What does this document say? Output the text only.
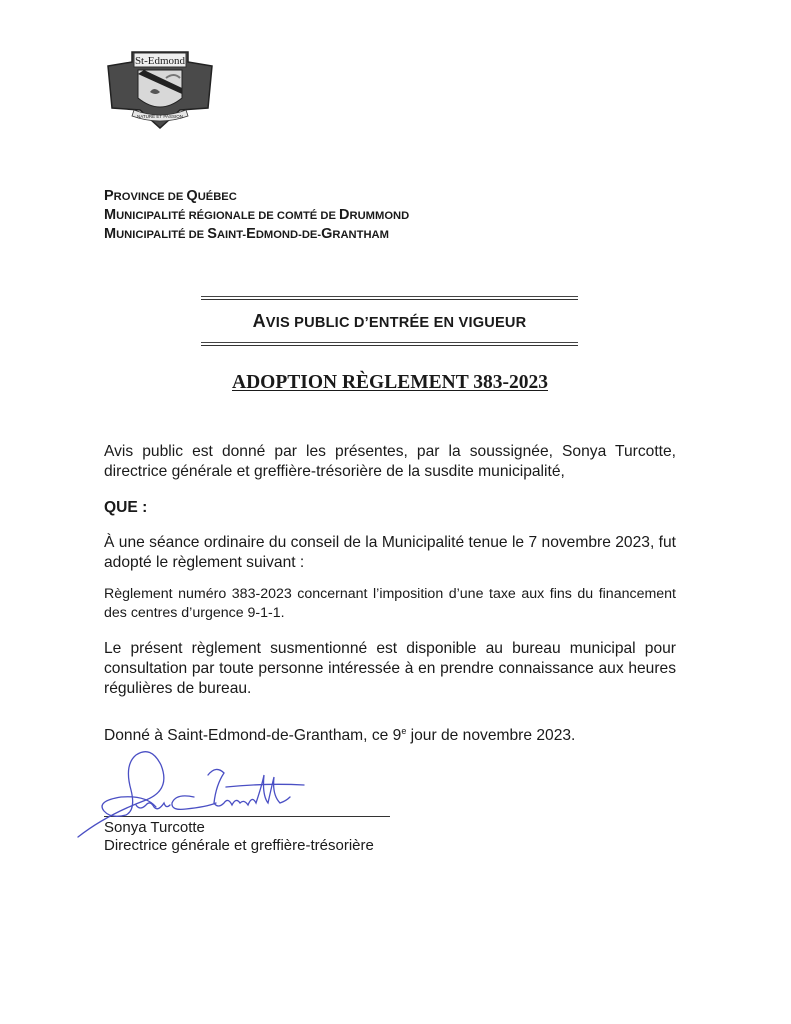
St-Edmond
NATURE ET PASSION
PROVINCE DE QUÉBEC
MUNICIPALITÉ RÉGIONALE DE COMTÉ DE DRUMMOND
MUNICIPALITÉ DE SAINT-EDMOND-DE-GRANTHAM
AVIS PUBLIC D’ENTRÉE EN VIGUEUR
ADOPTION RÈGLEMENT 383-2023
Avis public est donné par les présentes, par la soussignée, Sonya Turcotte, directrice générale et greffière-trésorière de la susdite municipalité,
QUE :
À une séance ordinaire du conseil de la Municipalité tenue le 7 novembre 2023, fut adopté le règlement suivant :
Règlement numéro 383-2023 concernant l’imposition d’une taxe aux fins du financement des centres d’urgence 9-1-1.
Le présent règlement susmentionné est disponible au bureau municipal pour consultation par toute personne intéressée à en prendre connaissance aux heures régulières de bureau.
Donné à Saint-Edmond-de-Grantham, ce 9e jour de novembre 2023.
Sonya Turcotte
Directrice générale et greffière-trésorière
